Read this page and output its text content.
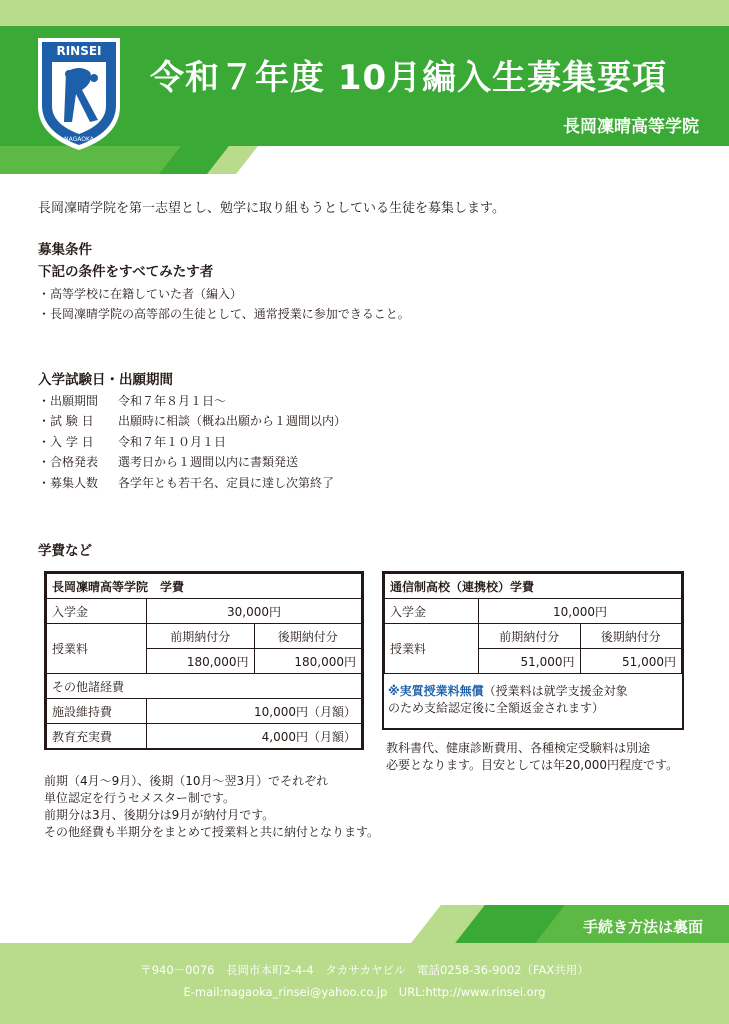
RINSEI
NAGAOKA
令和７年度 10月編入生募集要項
長岡凜晴高等学院
長岡凜晴学院を第一志望とし、勉学に取り組もうとしている生徒を募集します。
募集条件
下記の条件をすべてみたす者
・高等学校に在籍していた者（編入）
・長岡凜晴学院の高等部の生徒として、通常授業に参加できること。
入学試験日・出願期間
・出願期間	令和７年８月１日～
・試 験 日	出願時に相談（概ね出願から１週間以内）
・入 学 日	令和７年１０月１日
・合格発表	選考日から１週間以内に書類発送
・募集人数	各学年とも若干名、定員に達し次第終了
学費など
長岡凜晴高等学院　学費		
入学金	30,000円	
授業料	前期納付分	後期納付分
	180,000円	180,000円
その他諸経費		
施設維持費	10,000円（月額）	
教育充実費	4,000円（月額）	
通信制高校（連携校）学費		
入学金	10,000円	
授業料	前期納付分	後期納付分
	51,000円	51,000円
※実質授業料無償（授業料は就学支援金対象
のため支給認定後に全額返金されます）
教科書代、健康診断費用、各種検定受験料は別途
必要となります。目安としては年20,000円程度です。
前期（4月～9月）、後期（10月～翌3月）でそれぞれ
単位認定を行うセメスター制です。
前期分は3月、後期分は9月が納付月です。
その他経費も半期分をまとめて授業料と共に納付となります。
手続き方法は裏面
〒940－0076　長岡市本町2-4-4　タカサカヤビル　電話0258-36-9002（FAX共用）
E-mail:nagaoka_rinsei@yahoo.co.jp　URL:http://www.rinsei.org
